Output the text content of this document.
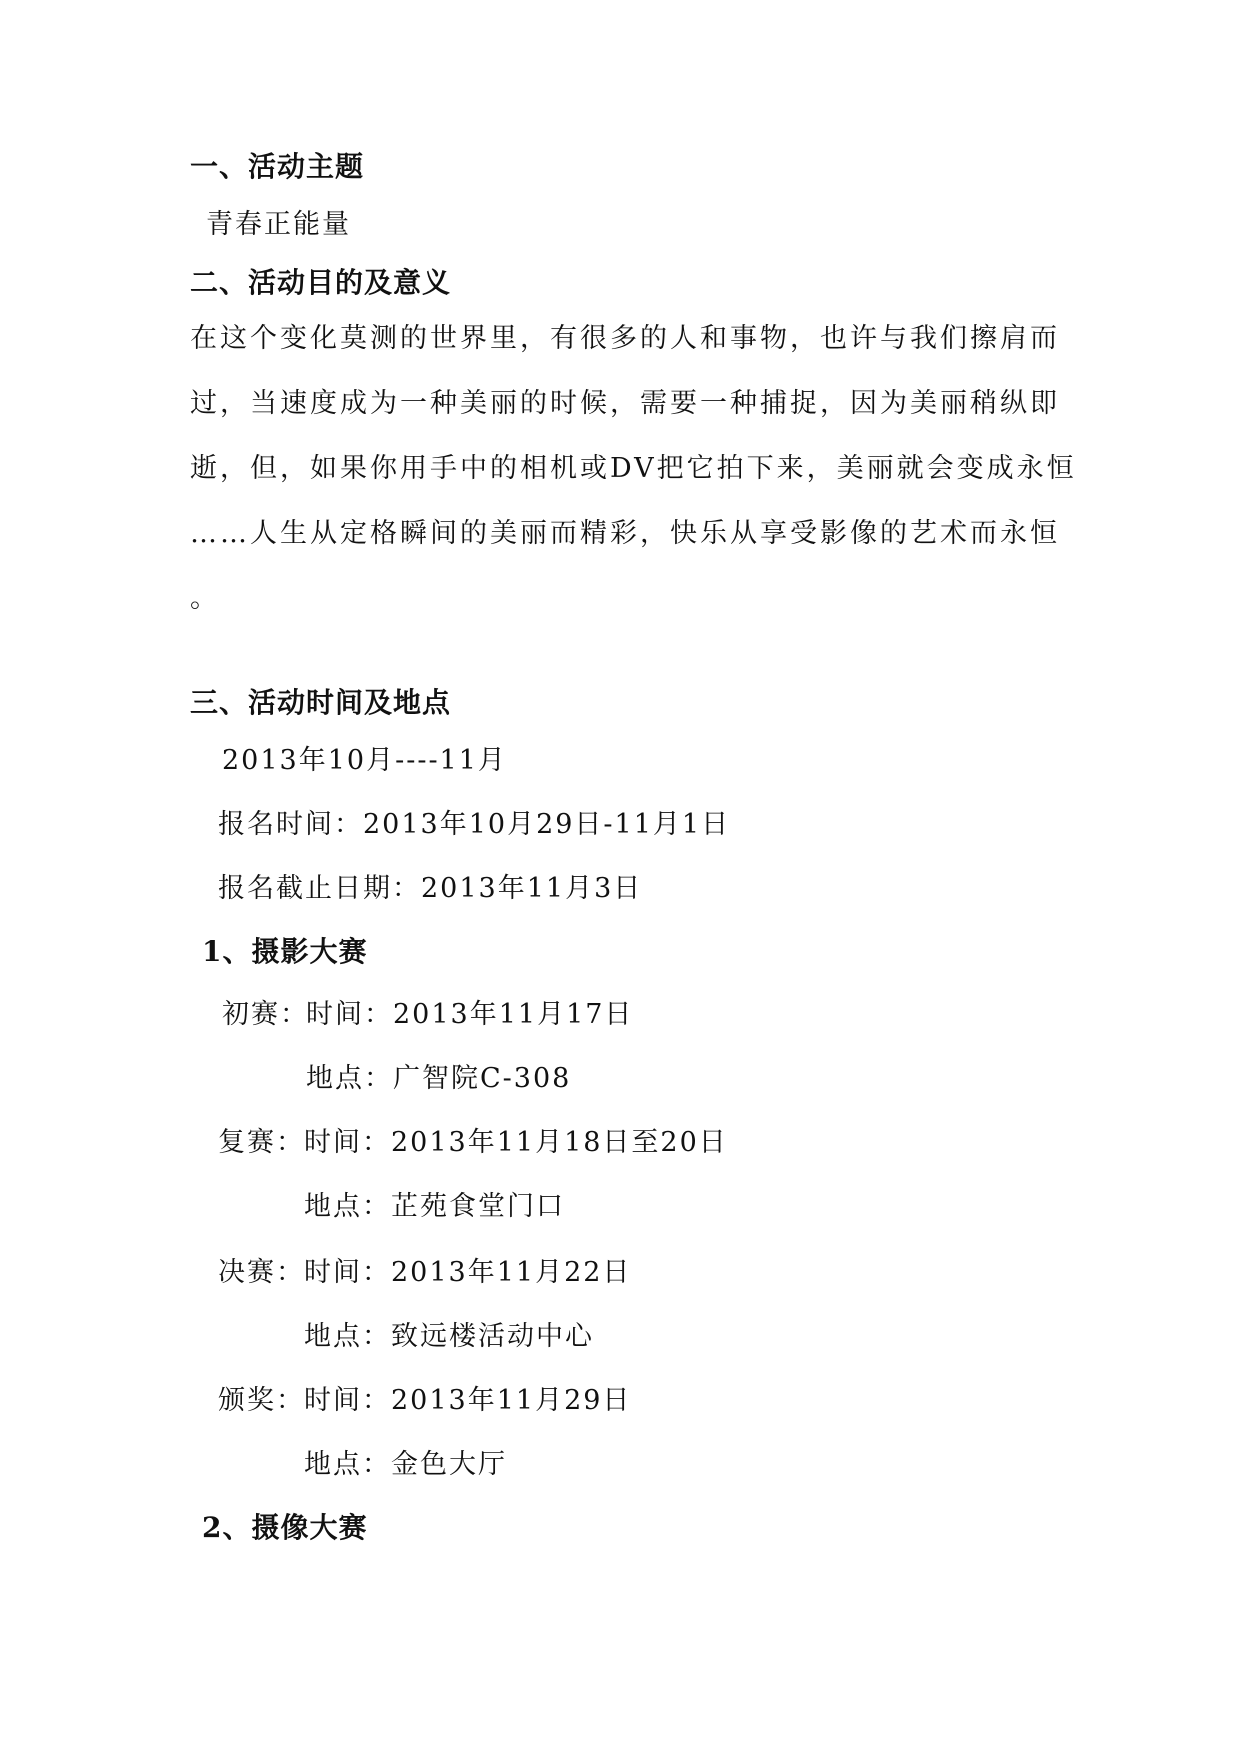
一、活动主题
青春正能量
二、活动目的及意义
在这个变化莫测的世界里，有很多的人和事物，也许与我们擦肩而
过，当速度成为一种美丽的时候，需要一种捕捉，因为美丽稍纵即
逝，但，如果你用手中的相机或DV把它拍下来，美丽就会变成永恒
……人生从定格瞬间的美丽而精彩，快乐从享受影像的艺术而永恒
。
三、活动时间及地点
2013年10月----11月
报名时间：2013年10月29日-11月1日
报名截止日期：2013年11月3日
1、摄影大赛
初赛：
时间：2013年11月17日
地点：广智院C-308
复赛： 时间：2013年11月18日至20日
地点：芷苑食堂门口
决赛： 时间：2013年11月22日
地点：致远楼活动中心
颁奖： 时间：2013年11月29日
地点：金色大厅
2、摄像大赛
